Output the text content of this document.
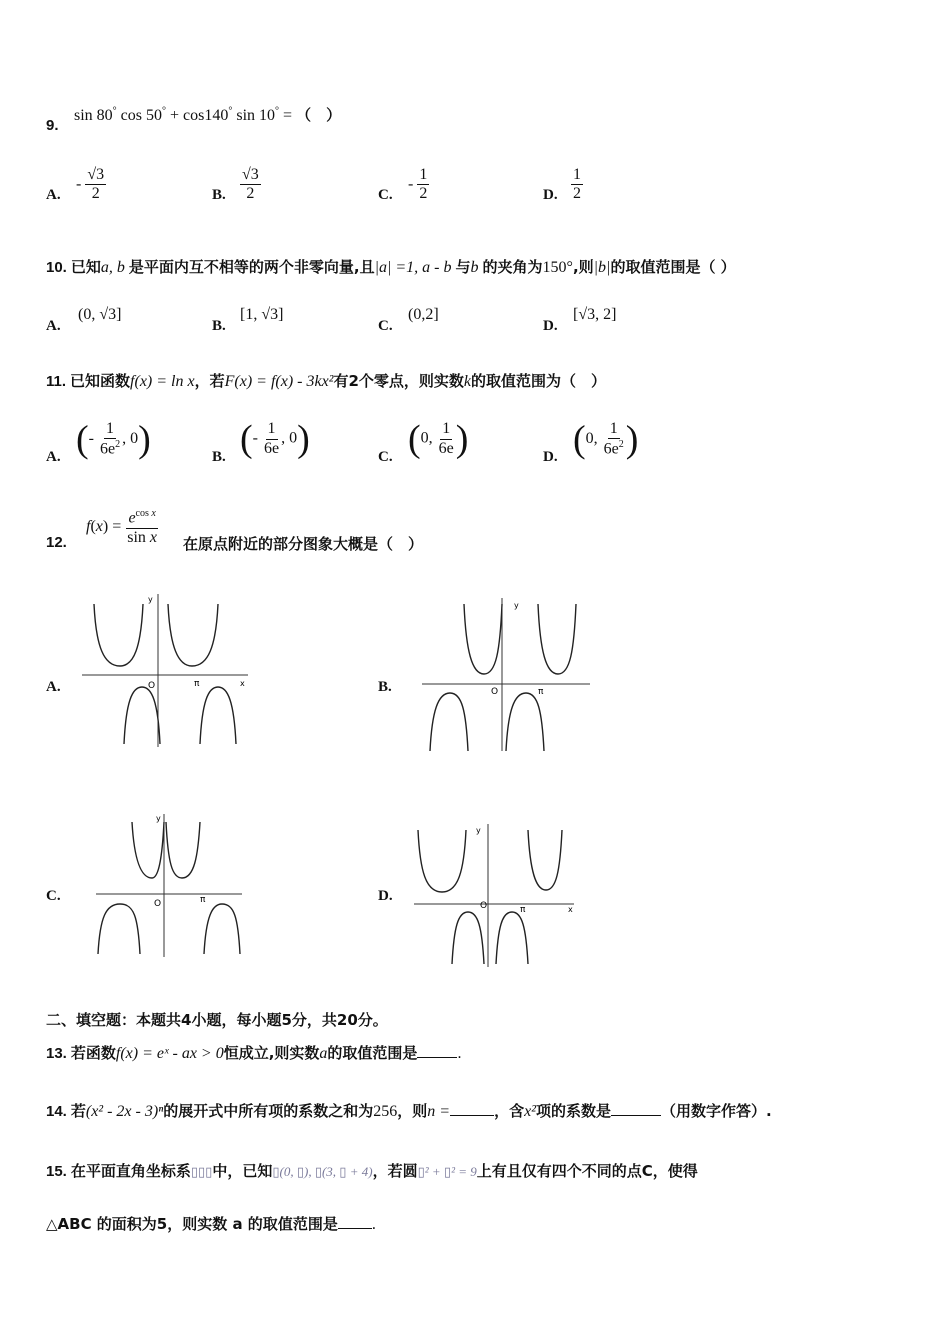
9.
sin 80° cos 50° + cos140° sin 10° = （　）
A.
- $\frac{√3}{2}$	B. $\frac{√3}{2}$	C.
- $\frac{1}{2}$	D. $\frac{1}{2}$
10. 已知a, b 是平面内互不相等的两个非零向量,且|a| =1, a - b 与b 的夹角为150°,则|b|的取值范围是（ ）
A.
(0, √3]
B.
[1, √3]
C.
(0,2]
D.
[√3, 2]
11. 已知函数f(x) = ln x，若F(x) = f(x) - 3kx²有2个零点，则实数k的取值范围为（　）
A. (- $\frac{1}{6e^2}$ , 0)	B. (- $\frac{1}{6e}$ , 0)	C. (0, $\frac{1}{6e}$ )	D. (0, $\frac{1}{6e^2}$ )
12.
$f(x) = \frac{e^{cos x}}{\text{sin x}}$ 在原点附近的部分图象大概是（　）
A.	B.
C.	D.
y
x
O	π
y
O	π
y
O	π
y
x
O	π
二、填空题：本题共4小题，每小题5分，共20分。
13. 若函数f(x) = eˣ - ax > 0恒成立,则实数a的取值范围是	.
14. 若(x² - 2x - 3)ⁿ的展开式中所有项的系数之和为256，则n =	，含x²项的系数是	（用数字作答）.
15. 在平面直角坐标系▯▯▯中，已知▯(0, ▯), ▯(3, ▯ + 4)，若圆▯² + ▯² = 9上有且仅有四个不同的点C，使得
△ABC 的面积为5，则实数 a 的取值范围是 .
